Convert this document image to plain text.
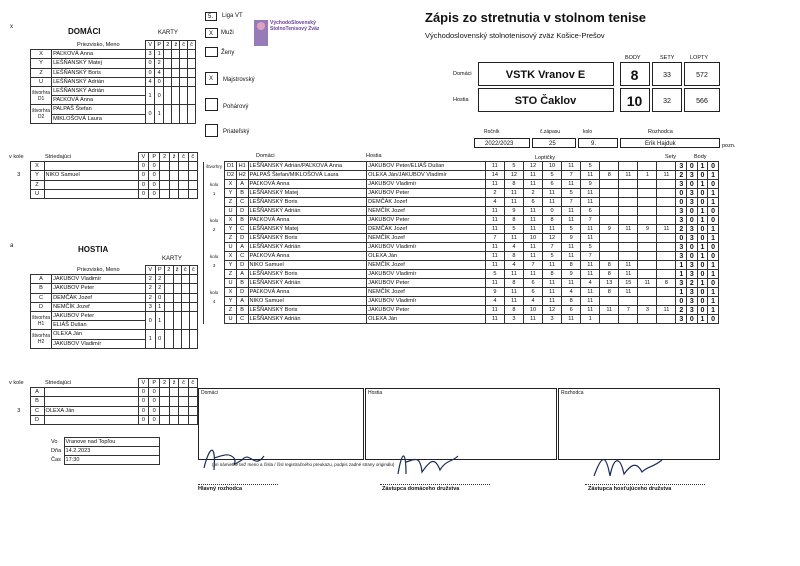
x	DOMÁCI	KARTY
	Priezvisko, Meno	V	P	2	ž	č	č
X	PAĽKOVÁ Anna	3	1				
Y	LEŠŇANSKÝ Matej	0	2				
Z	LEŠŇANSKÝ Boris	0	4				
U	LEŠŇANSKÝ Adrián	4	0				

štvorhra
D1	LEŠŇANSKÝ Adrián	1	0				
	PAĽKOVÁ Anna						

štvorhra
D2	PALPAŠ Štefan	0	1				
	MIKLOŠOVÁ Laura						
v kole		Striedajúci	V	P	2	ž	č	č
	X		0	0				
3	Y	NIKO Samuel	0	0				
	Z		0	0				
	U		0	0				
a	HOSTIA
KARTY
	Priezvisko, Meno	V	P	2	ž	č	č
A	JAKUBOV Vladimír	2	2				
B	JAKUBOV Peter	2	2				
C	DEMČÁK Jozef	2	0				
D	NEMČÍK Jozef	3	1				

štvorhra
H1	JAKUBOV Peter	0	1				
	ELIÁŠ Dušan						

štvorhra
H2	OLEXA Ján	1	0				
	JAKUBOV Vladimír						
v kole		Striedajúci	V	P	2	ž	č	č
	A		0	0				
	B		0	0				
3	C	OLEXA Ján	0	0				
	D		0	0				
Vo	Vranove nad Topľou
Dňa	14.2.2023
Čas	17:30
5. Liga VT
X Muži
Ženy
X Majstrovský
Pohárový
Priateľský
VýchodoSlovenský StolnoTenisový Zväz
Zápis zo stretnutia v stolnom tenise
Východoslovenský stolnotenisový zväz Košice-Prešov
BODY	SETY	LOPTY
Domáci
Hostia
VSTK Vranov E
STO Čaklov
8
10
33
32
572
566
Ročník	č.zápasu	kolo	Rozhodca
2022/2023	25	9.	Erik Hajduk	pozn.
Domáci	Hostia	Loptičky	Sety	Body
štvorhry	D1	H1	LEŠŇANSKÝ Adrián/PAĽKOVÁ Anna	JAKUBOV Peter/ELIÁŠ Dušan	11	5	12	10	11	5					3	0	1	0
	D2	H2	PALPAŠ Štefan/MIKLOŠOVÁ Laura	OLEXA Ján/JAKUBOV Vladimír	14	12	11	5	7	11	8	11	1	11	2	3	0	1
kolo	X	A	PAĽKOVÁ Anna	JAKUBOV Vladimír	11	8	11	6	11	9					3	0	1	0
1	Y	B	LEŠŇANSKÝ Matej	JAKUBOV Peter	2	11	2	11	5	11					0	3	0	1
	Z	C	LEŠŇANSKÝ Boris	DEMČÁK Jozef	4	11	6	11	7	11					0	3	0	1
	U	D	LEŠŇANSKÝ Adrián	NEMČÍK Jozef	11	9	11	0	11	6					3	0	1	0
kolo	X	B	PAĽKOVÁ Anna	JAKUBOV Peter	11	8	11	8	11	7					3	0	1	0
2	Y	C	LEŠŇANSKÝ Matej	DEMČÁK Jozef	11	5	11	11	5	11	9	11	9	11	2	3	0	1
	Z	D	LEŠŇANSKÝ Boris	NEMČÍK Jozef	7	11	10	12	9	11					0	3	0	1
	U	A	LEŠŇANSKÝ Adrián	JAKUBOV Vladimír	11	4	11	7	11	5					3	0	1	0
kolo	X	C	PAĽKOVÁ Anna	OLEXA Ján	11	8	11	5	11	7					3	0	1	0
3	Y	D	NIKO Samuel	NEMČÍK Jozef	11	4	7	11	8	11	8	11			1	3	0	1
	Z	A	LEŠŇANSKÝ Boris	JAKUBOV Vladimír	5	11	11	8	9	11	8	11			1	3	0	1
	U	B	LEŠŇANSKÝ Adrián	JAKUBOV Peter	11	8	6	11	11	4	13	15	11	8	3	2	1	0
kolo	X	D	PAĽKOVÁ Anna	NEMČÍK Jozef	9	11	6	11	4	11	8	11			1	3	0	1
4	Y	A	NIKO Samuel	JAKUBOV Vladimír	4	11	4	11	8	11					0	3	0	1
	Z	B	LEŠŇANSKÝ Boris	JAKUBOV Peter	11	8	10	12	6	11	11	7	3	11	2	3	0	1
	U	C	LEŠŇANSKÝ Adrián	OLEXA Ján	11	3	11	3	11	1					3	0	1	0
Domáci	Hostia	Rozhodca
(pri námietke tiež meno a čísla / čísl registračného preukazu, podpis zadné strany originálu)
Hlavný rozhodca	Zástupca domáceho družstva	Zástupca hosťujúceho družstva
